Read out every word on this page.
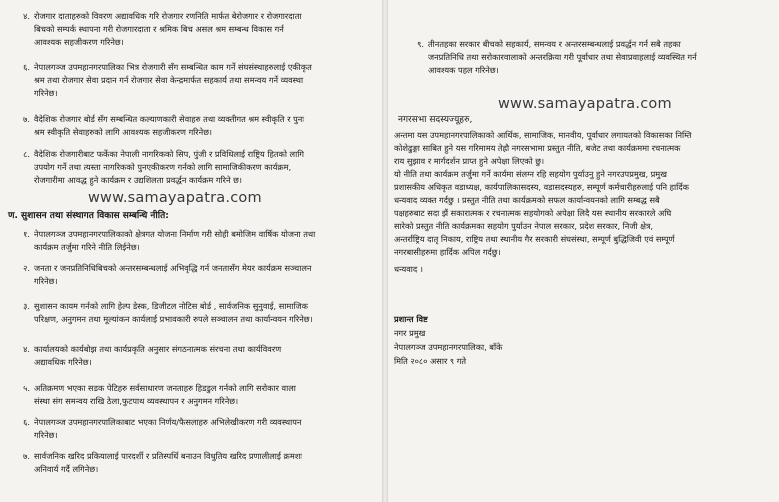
४. रोजगार दाताहरुको विवरण अद्यावधिक गरि रोजगार रणनिति मार्फत बेरोजगार र रोजगारदाता

बिचको सम्पर्क स्थापना गरी रोजगारदाता र श्रमिक बिच असल श्रम सम्बन्ध विकास गर्न

आवश्यक सहजीकरण गरिनेछ।

६. नेपालगञ्ज उपमहानगरपालिका भित्र रोजगारी सँग सम्बन्धित काम गर्ने संघसंस्थाहरुलाई एकीकृत

श्रम तथा रोजगार सेवा प्रदान गर्न रोजगार सेवा केन्द्रमार्फत सहकार्य तथा समन्वय गर्ने व्यवस्था

गरिनेछ।

७. वैदेशिक रोजगार बोर्ड सँग सम्बन्धित कल्याणकारी सेवाहरु तथा व्यक्तीगत श्रम स्वीकृति र पुनः

श्रम स्वीकृति सेवाहरुको लागि आवश्यक सहजीकरण गरिनेछ।

८. वैदेशिक रोजगारीबाट फर्केका नेपाली नागरिकको सिप, पुंजी र प्रविधिलाई राष्ट्रिय हितको लागि

उपयोग गर्ने तथा त्यस्ता नागरिकको पुनएकीकरण गर्नको लागि सामाजिकीकरण कार्यक्रम,

रोजगारीमा आवद्ध हुने कार्यक्रम र उद्यशिलता प्रवर्द्धन कार्यक्रम गरिने छ।

www.samayapatra.com
ण. सुशासन तथा संस्थागत विकास सम्बन्धि नीति:
१. नेपालगञ्ज उपमहानगरपालिकाको क्षेत्रगत योजना निर्माण गरी सोही बमोजिम वार्षिक योजना तथा

कार्यक्रम तर्जुमा गरिने नीति लिईनेछ।

२. जनता र जनप्रतिनिधिबिचको अन्तरसम्बन्धलाई अभिवृद्धि गर्न जनतासँग मेयर कार्यक्रम सञ्चालन

गरिनेछ।

३. सुशासन कायम गर्नको लागि हेल्प डेस्क, डिजीटल नोटिस बोर्ड , सार्वजनिक सुनुवाई, सामाजिक

परिक्षण, अनुगमन तथा मूल्यांकन कार्यलाई प्रभावकारी रुपले सञ्चालन तथा कार्यान्वयन गरिनेछ।

४. कार्यालयको कार्यबोझ तथा कार्यप्रकृति अनुसार संगठनात्मक संरचना तथा कार्यविवरण

अद्यावधिक गरिनेछ।

५. अतिक्रमण भएका सडक पेटिहरु सर्वसाधारण जनताहरु हिडडुल गर्नको लागि सरोकार वाला

संस्था संग समन्वय राखि ठेला,फुटपाथ व्यवस्थापन र अनुगमन गरिनेछ।

६. नेपालगञ्ज उपमहानगरपालिकाबाट भएका निर्णय/फैसलाहरु अभिलेखीकरण गरी व्यवस्थापन

गरिनेछ।

७. सार्वजनिक खरिद प्रकियालाई पारदर्शी र प्रतिस्पर्धि बनाउन विधुतिय खरिद प्रणालीलाई क्रमशः

अनिवार्य गर्दै लगिनेछ।

९. तीनतहका सरकार बीचको सहकार्य, समन्वय र अन्तरसम्बन्धलाई प्रवर्द्धन गर्न सबै तहका

जनप्रतिनिधि तथा सरोकारवालाको अन्तरक्रिया गरी पूर्वाधार तथा सेवाप्रवाहलाई व्यवस्थित गर्न

आवश्यक पहल गरिनेछ।

www.samayapatra.com
नगरसभा सदस्यज्यूहरु,

अन्तमा यस उपमहानगरपालिकाको आर्थिक, सामाजिक, मानवीय, पूर्वाधार लगायतको विकासका निम्ति

कोशेढुङ्गा साबित हुने यस गरिमामय तेह्रौ नगरसभामा प्रस्तुत नीति, बजेट तथा कार्यक्रममा रचनात्मक

राय सुझाव र मार्गदर्शन प्राप्त हुने अपेक्षा लिएको छु।

यो नीति तथा कार्यक्रम तर्जुमा गर्ने कार्यमा संलग्न रहि सहयोग पुर्याउनु हुने नगरउपप्रमुख, प्रमुख

प्रशासकीय अधिकृत वडाध्यक्ष, कार्यपालिकासदस्य, वडासदस्यहरु, सम्पूर्ण कर्मचारीहरुलाई पनि हार्दिक

धन्यवाद व्यक्त गर्दछु । प्रस्तुत नीति तथा कार्यक्रमको सफल कार्यान्वयनको लागि सम्बद्ध सबै

पक्षहरुबाट सदा झैं सकारात्मक र रचनात्मक सहयोगको अपेक्षा लिदै यस स्थानीय सरकारले अघि

सारेको प्रस्तुत नीति कार्यक्रमका सहयोग पुर्याउन नेपाल सरकार, प्रदेश सरकार, निजी क्षेत्र,

अन्तर्राष्ट्रिय दातृ निकाय, राष्ट्रिय तथा स्थानीय गैर सरकारी संघसंस्था, सम्पूर्ण बुद्धिजिवी एवं सम्पूर्ण

नगरबासीहरुमा हार्दिक अपिल गर्दछु।

धन्यवाद ।

प्रशान्त विष्ट

नगर प्रमुख

नेपालगञ्ज उपमहानगरपालिका, बाँके

मिति २०८० असार ९ गते
